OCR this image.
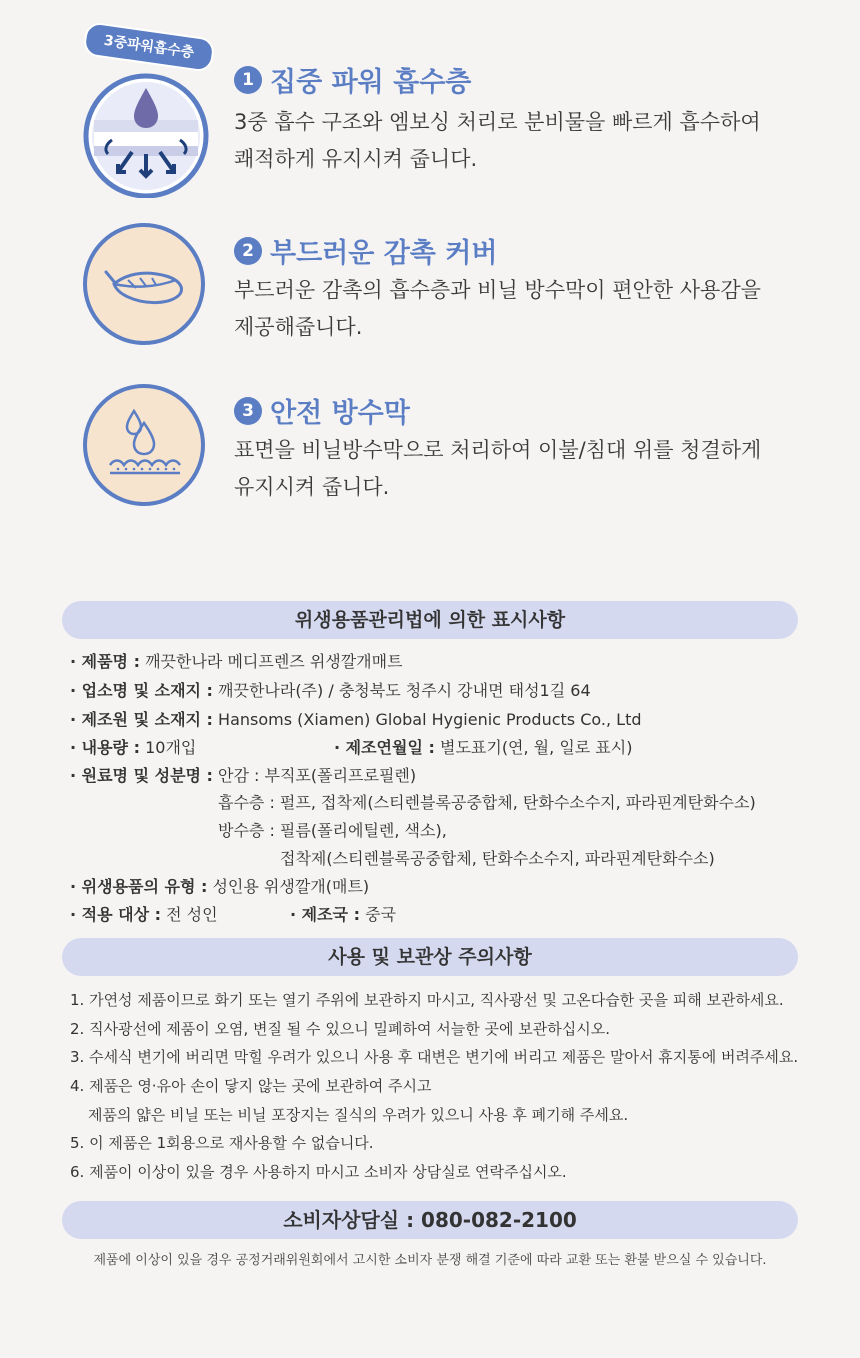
3중파워흡수층
1 집중 파워 흡수층
3중 흡수 구조와 엠보싱 처리로 분비물을 빠르게 흡수하여
쾌적하게 유지시켜 줍니다.
2 부드러운 감촉 커버
부드러운 감촉의 흡수층과 비닐 방수막이 편안한 사용감을
제공해줍니다.
3 안전 방수막
표면을 비닐방수막으로 처리하여 이불/침대 위를 청결하게
유지시켜 줍니다.
위생용품관리법에 의한 표시사항
· 제품명 : 깨끗한나라 메디프렌즈 위생깔개매트
· 업소명 및 소재지 : 깨끗한나라(주) / 충청북도 청주시 강내면 태성1길 64
· 제조원 및 소재지 : Hansoms (Xiamen) Global Hygienic Products Co., Ltd
· 내용량 : 10개입	· 제조연월일 : 별도표기(연, 월, 일로 표시)
· 원료명 및 성분명 : 안감 : 부직포(폴리프로필렌)
흡수층 : 펄프, 접착제(스티렌블록공중합체, 탄화수소수지, 파라핀계탄화수소)
방수층 : 필름(폴리에틸렌, 색소),
접착제(스티렌블록공중합체, 탄화수소수지, 파라핀계탄화수소)
· 위생용품의 유형 : 성인용 위생깔개(매트)
· 적용 대상 : 전 성인	· 제조국 : 중국
사용 및 보관상 주의사항
1. 가연성 제품이므로 화기 또는 열기 주위에 보관하지 마시고, 직사광선 및 고온다습한 곳을 피해 보관하세요.
2. 직사광선에 제품이 오염, 변질 될 수 있으니 밀폐하여 서늘한 곳에 보관하십시오.
3. 수세식 변기에 버리면 막힐 우려가 있으니 사용 후 대변은 변기에 버리고 제품은 말아서 휴지통에 버려주세요.
4. 제품은 영·유아 손이 닿지 않는 곳에 보관하여 주시고
제품의 얇은 비닐 또는 비닐 포장지는 질식의 우려가 있으니 사용 후 폐기해 주세요.
5. 이 제품은 1회용으로 재사용할 수 없습니다.
6. 제품이 이상이 있을 경우 사용하지 마시고 소비자 상담실로 연락주십시오.
소비자상담실 : 080-082-2100
제품에 이상이 있을 경우 공정거래위원회에서 고시한 소비자 분쟁 해결 기준에 따라 교환 또는 환불 받으실 수 있습니다.
